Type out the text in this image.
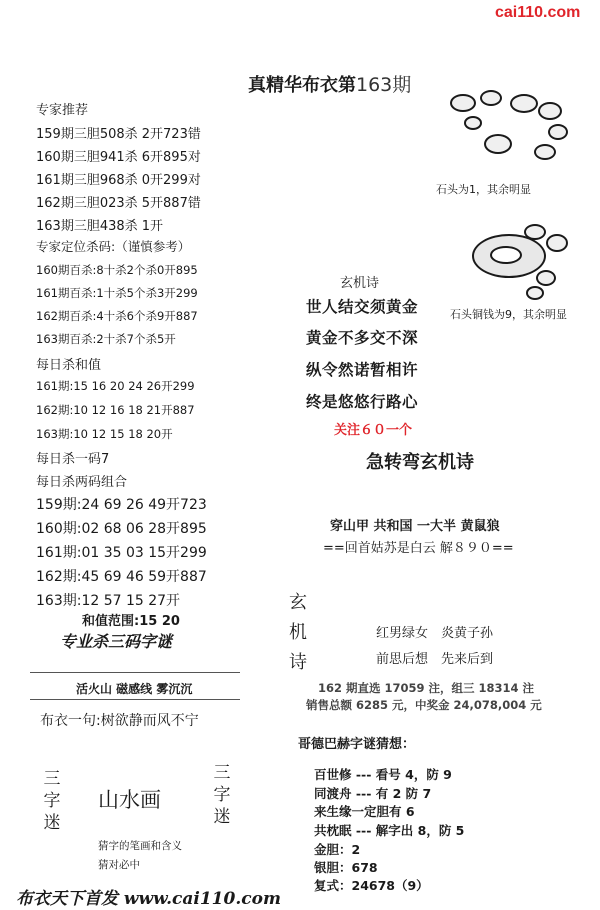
cai110.com
真精华布衣第163期
专家推荐
159期三胆508杀 2开723错
160期三胆941杀 6开895对
161期三胆968杀 0开299对
162期三胆023杀 5开887错
163期三胆438杀 1开
专家定位杀码:（谨慎参考）
160期百杀:8十杀2个杀0开895
161期百杀:1十杀5个杀3开299
162期百杀:4十杀6个杀9开887
163期百杀:2十杀7个杀5开
每日杀和值
161期:15 16 20 24 26开299
162期:10 12 16 18 21开887
163期:10 12 15 18 20开
每日杀一码7
每日杀两码组合
159期:24 69 26 49开723
160期:02 68 06 28开895
161期:01 35 03 15开299
162期:45 69 46 59开887
163期:12 57 15 27开
和值范围:15 20
专业杀三码字谜
活火山 磁感线 雾沉沉
布衣一句:树欲静而风不宁
三字迷
山水画
三字迷
猜字的笔画和含义
猜对必中
布衣天下首发 www.cai110.com
石头为1，其余明显
石头铜钱为9，其余明显
玄机诗
世人结交须黄金
黄金不多交不深
纵令然诺暂相许
终是悠悠行路心
关注６０一个
急转弯玄机诗
穿山甲 共和国 一大半 黄鼠狼
==回首姑苏是白云 解８９０==
玄机诗
红男绿女　炎黄子孙
前思后想　先来后到
162 期直选 17059 注，组三 18314 注
销售总额 6285 元，中奖金 24,078,004 元
哥德巴赫字谜猜想：
百世修 --- 看号 4，防 9
同渡舟 --- 有 2 防 7
来生缘一定胆有 6
共枕眠 --- 解字出 8，防 5
金胆：2
银胆：678
复式：24678（9）
